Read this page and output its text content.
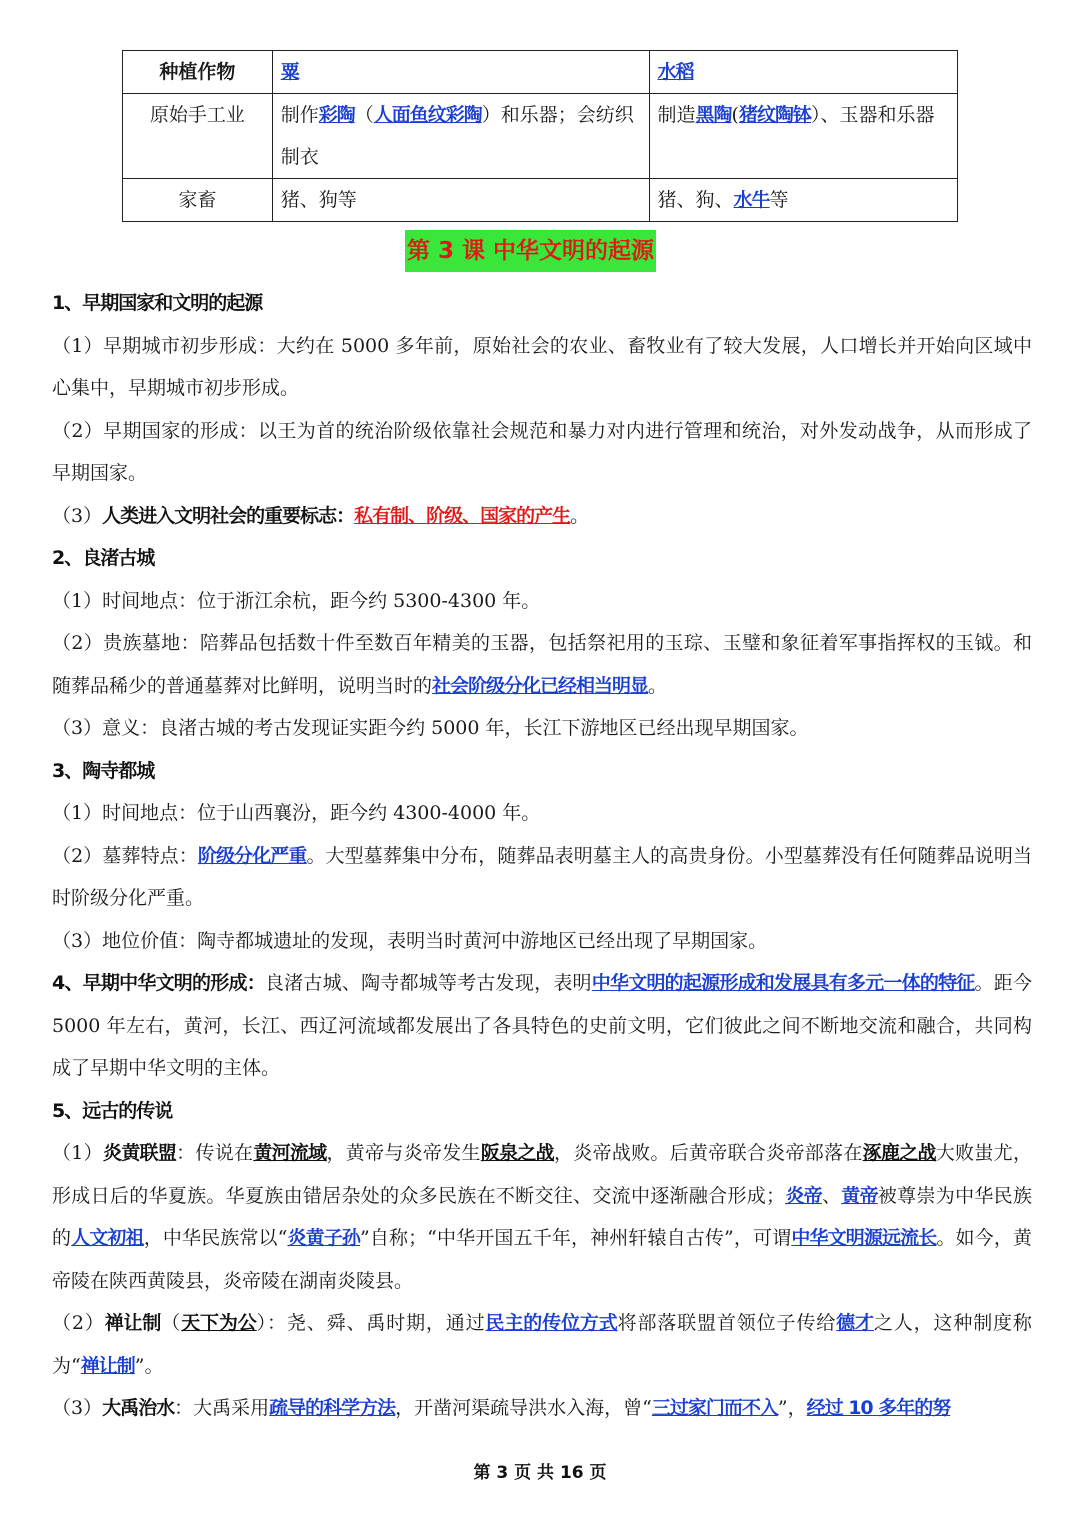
种植作物	粟	水稻
原始手工业	制作彩陶（人面鱼纹彩陶）和乐器；会纺织制衣	制造黑陶(猪纹陶钵）、玉器和乐器
家畜	猪、狗等	猪、狗、水牛等
第 3 课 中华文明的起源

1、早期国家和文明的起源

（1）早期城市初步形成：大约在 5000 多年前，原始社会的农业、畜牧业有了较大发展，人口增长并开始向区域中心集中，早期城市初步形成。

（2）早期国家的形成：以王为首的统治阶级依靠社会规范和暴力对内进行管理和统治，对外发动战争，从而形成了早期国家。

（3）人类进入文明社会的重要标志：私有制、阶级、国家的产生。

2、良渚古城

（1）时间地点：位于浙江余杭，距今约 5300-4300 年。

（2）贵族墓地：陪葬品包括数十件至数百年精美的玉器，包括祭祀用的玉琮、玉璧和象征着军事指挥权的玉钺。和随葬品稀少的普通墓葬对比鲜明，说明当时的社会阶级分化已经相当明显。

（3）意义：良渚古城的考古发现证实距今约 5000 年，长江下游地区已经出现早期国家。

3、陶寺都城

（1）时间地点：位于山西襄汾，距今约 4300-4000 年。

（2）墓葬特点：阶级分化严重。大型墓葬集中分布，随葬品表明墓主人的高贵身份。小型墓葬没有任何随葬品说明当时阶级分化严重。

（3）地位价值：陶寺都城遗址的发现，表明当时黄河中游地区已经出现了早期国家。

4、早期中华文明的形成：良渚古城、陶寺都城等考古发现，表明中华文明的起源形成和发展具有多元一体的特征。距今 5000 年左右，黄河，长江、西辽河流域都发展出了各具特色的史前文明，它们彼此之间不断地交流和融合，共同构成了早期中华文明的主体。

5、远古的传说

（1）炎黄联盟：传说在黄河流域，黄帝与炎帝发生阪泉之战，炎帝战败。后黄帝联合炎帝部落在涿鹿之战大败蚩尤，形成日后的华夏族。华夏族由错居杂处的众多民族在不断交往、交流中逐渐融合形成；炎帝、黄帝被尊崇为中华民族的人文初祖，中华民族常以“炎黄子孙”自称；“中华开国五千年，神州轩辕自古传”，可谓中华文明源远流长。如今，黄帝陵在陕西黄陵县，炎帝陵在湖南炎陵县。

（2）禅让制（天下为公）：尧、舜、禹时期，通过民主的传位方式将部落联盟首领位子传给德才之人，这种制度称为“禅让制”。

（3）大禹治水：大禹采用疏导的科学方法，开凿河渠疏导洪水入海，曾“三过家门而不入”，经过 10 多年的努

第 3 页 共 16 页
